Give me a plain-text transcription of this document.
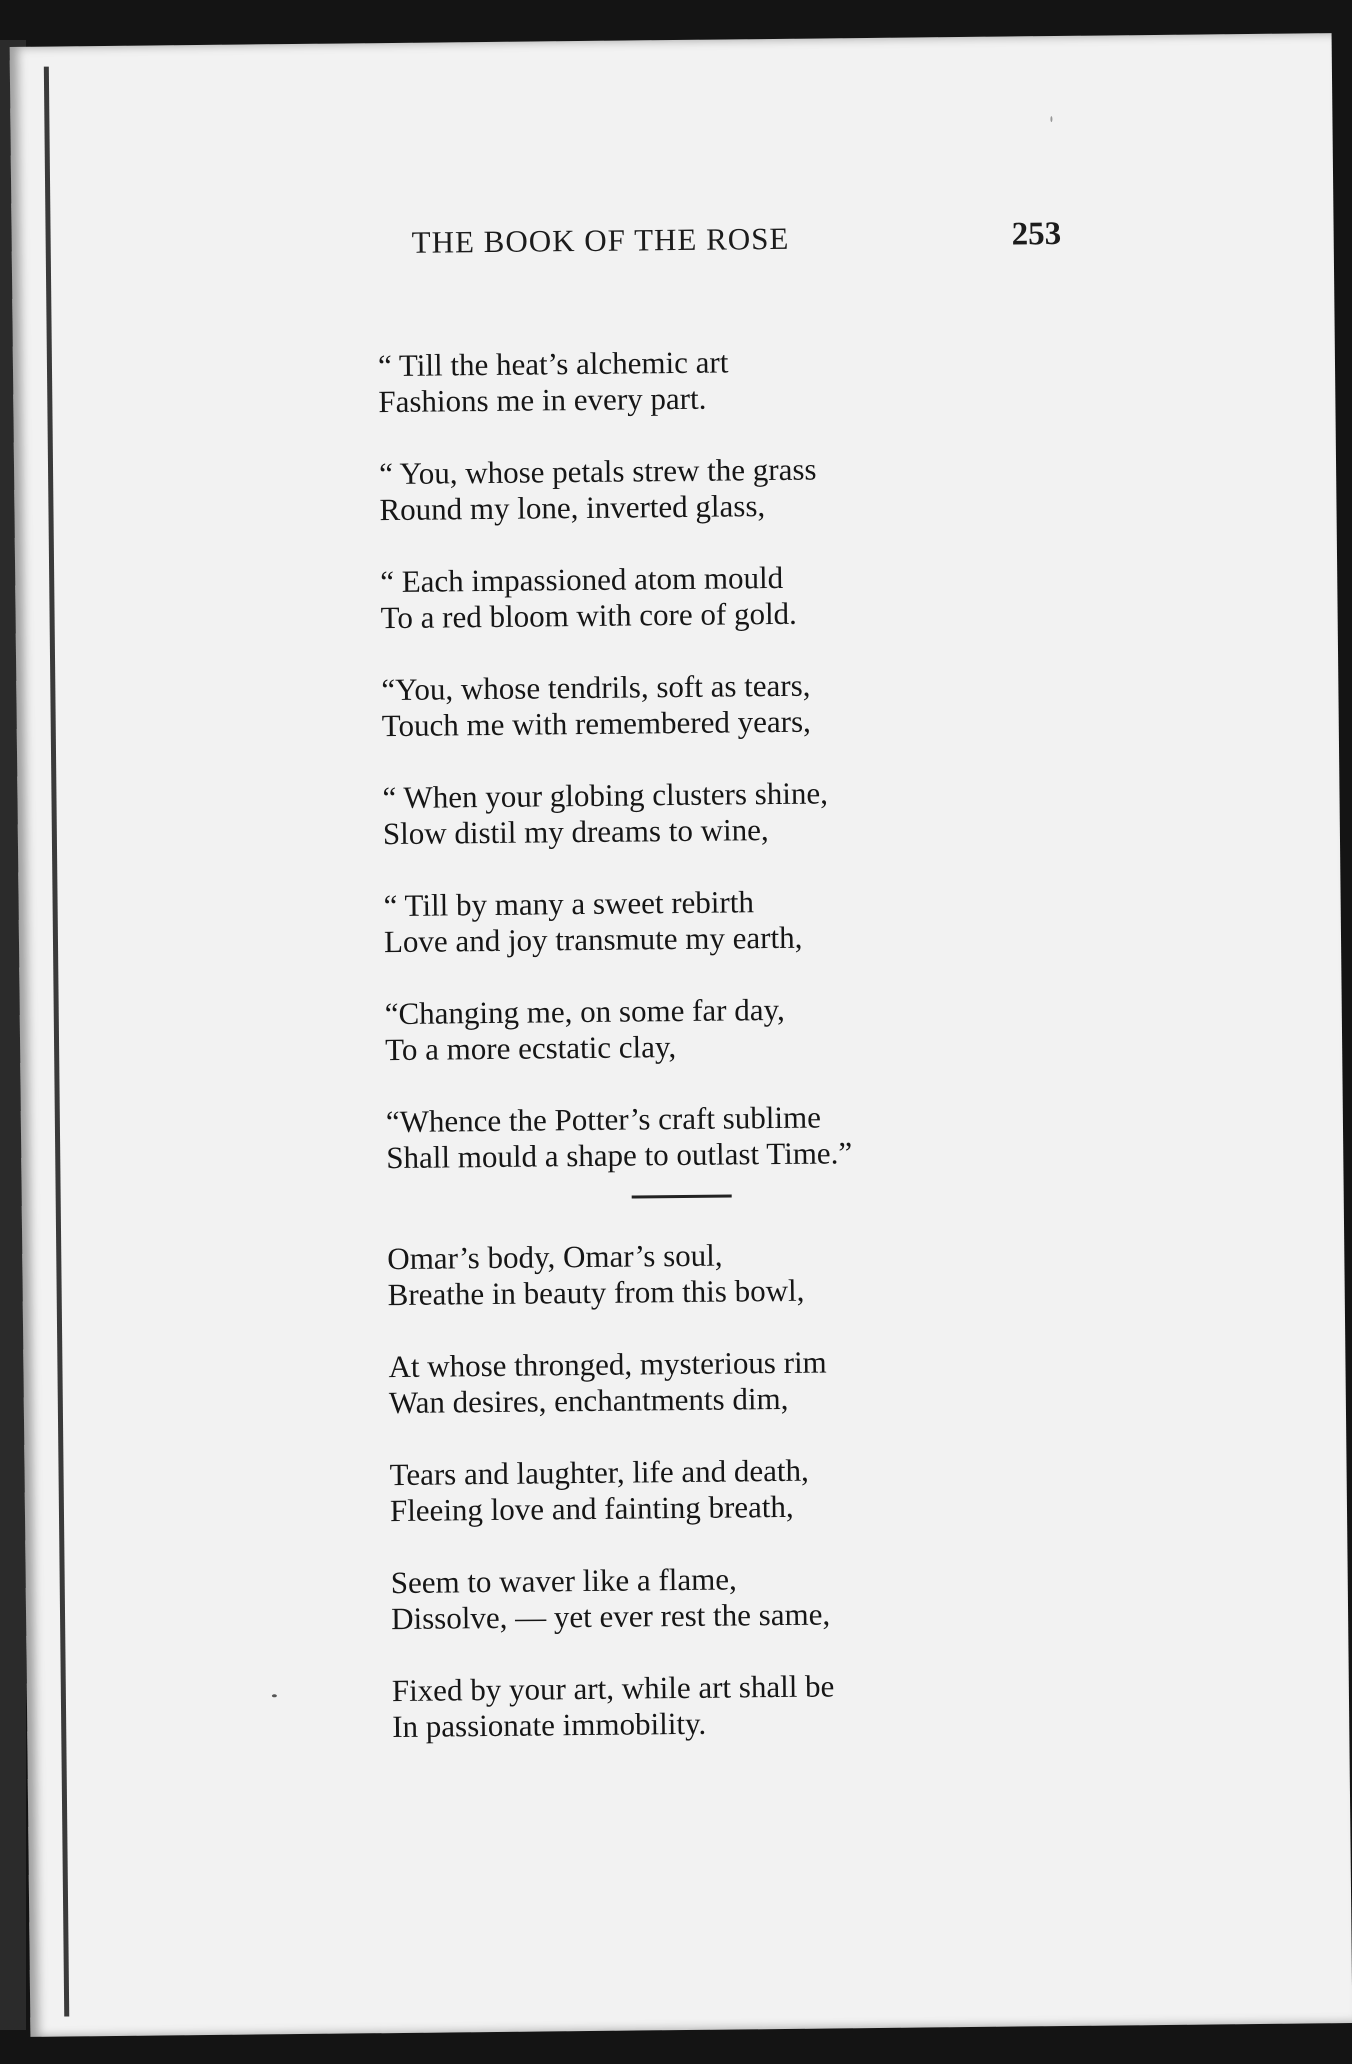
THE BOOK OF THE ROSE	253
“ Till the heat’s alchemic art
Fashions me in every part.
“ You, whose petals strew the grass
Round my lone, inverted glass,
“ Each impassioned atom mould
To a red bloom with core of gold.
“You, whose tendrils, soft as tears,
Touch me with remembered years,
“ When your globing clusters shine,
Slow distil my dreams to wine,
“ Till by many a sweet rebirth
Love and joy transmute my earth,
“Changing me, on some far day,
To a more ecstatic clay,
“Whence the Potter’s craft sublime
Shall mould a shape to outlast Time.”
Omar’s body, Omar’s soul,
Breathe in beauty from this bowl,
At whose thronged, mysterious rim
Wan desires, enchantments dim,
Tears and laughter, life and death,
Fleeing love and fainting breath,
Seem to waver like a flame,
Dissolve, — yet ever rest the same,
Fixed by your art, while art shall be
In passionate immobility.
